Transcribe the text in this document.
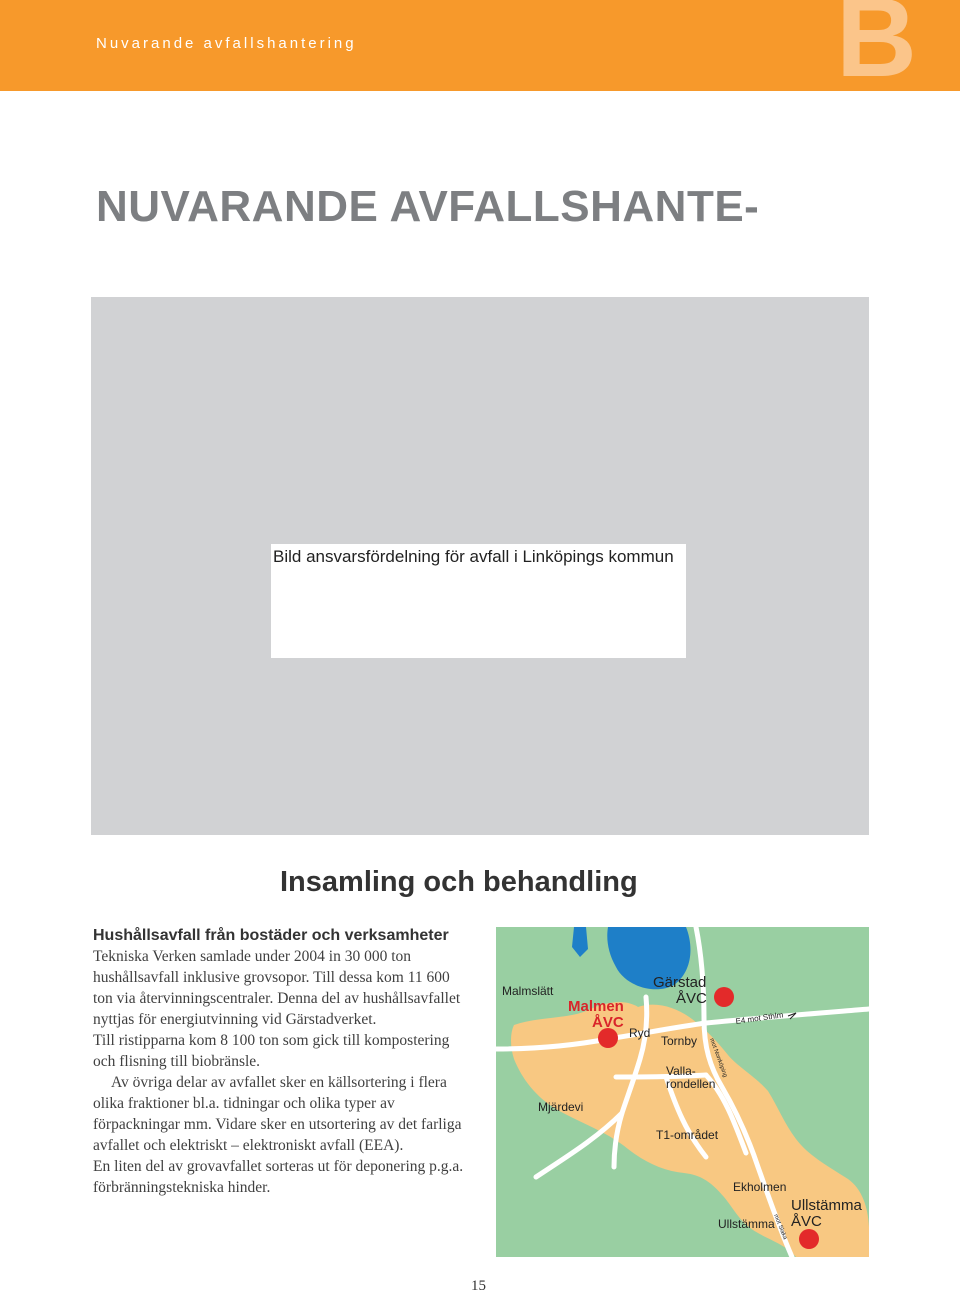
Nuvarande avfallshantering	B
NUVARANDE AVFALLSHANTE-
Bild ansvarsfördelning för avfall i Linköpings kommun
Insamling och behandling
Hushållsavfall från bostäder och verksamheter

Tekniska Verken samlade under 2004 in 30 000 ton hushållsavfall inklusive grovsopor. Till dessa kom 11 600 ton via återvinningscentraler. Denna del av hushållsavfallet nyttjas för energiutvinning vid Gärstadverket.

Till ristipparna kom 8 100 ton som gick till kompostering och flisning till biobränsle.

Av övriga delar av avfallet sker en källsortering i flera olika fraktioner bl.a. tidningar och olika typer av förpackningar mm. Vidare sker en utsortering av det farliga avfallet och elektriskt – elektroniskt avfall (EEA).

En liten del av grovavfallet sorteras ut för deponering p.g.a. förbränningstekniska hinder.

Malmslätt
Malmen
ÅVC
Gärstad
ÅVC
Ryd
Tornby
Valla-
rondellen
Mjärdevi
T1-området
Ekholmen
Ullstämma
Ullstämma
ÅVC
E4 mot Sthlm
mot Norrköping
mot Slaka
15
